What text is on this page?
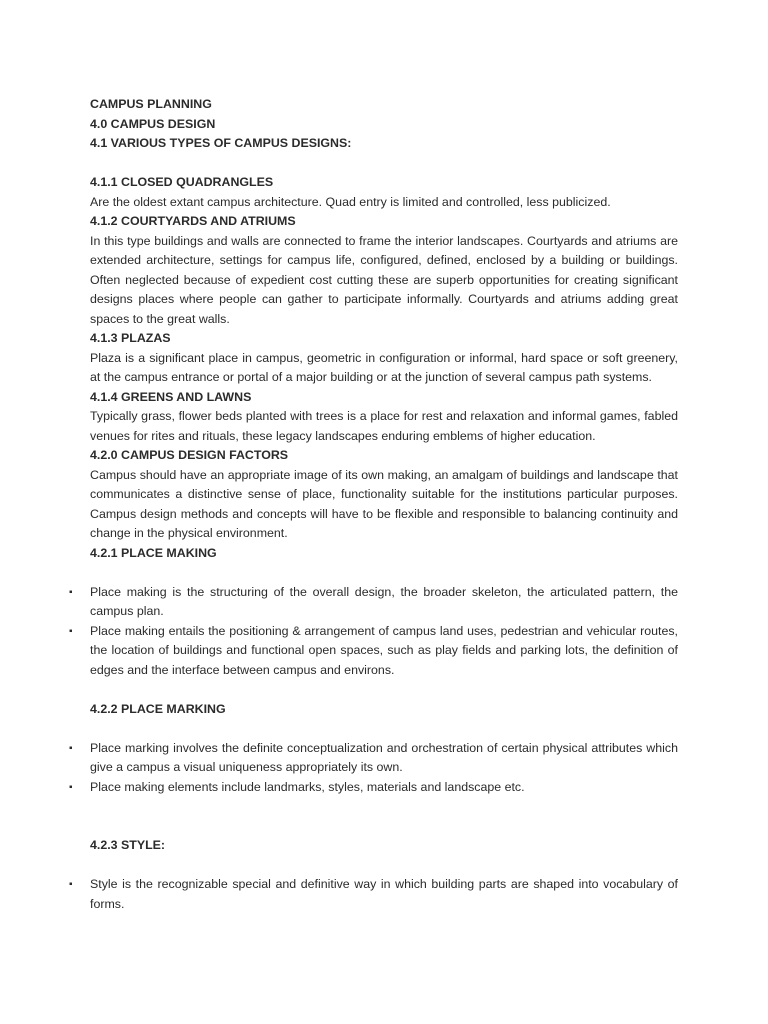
CAMPUS PLANNING
4.0 CAMPUS DESIGN
4.1 VARIOUS TYPES OF CAMPUS DESIGNS:
4.1.1 CLOSED QUADRANGLES
Are the oldest extant campus architecture. Quad entry is limited and controlled, less publicized.
4.1.2 COURTYARDS AND ATRIUMS
In this type buildings and walls are connected to frame the interior landscapes. Courtyards and atriums are extended architecture, settings for campus life, configured, defined, enclosed by a building or buildings. Often neglected because of expedient cost cutting these are superb opportunities for creating significant designs places where people can gather to participate informally. Courtyards and atriums adding great spaces to the great walls.
4.1.3 PLAZAS
Plaza is a significant place in campus, geometric in configuration or informal, hard space or soft greenery, at the campus entrance or portal of a major building or at the junction of several campus path systems.
4.1.4 GREENS AND LAWNS
Typically grass, flower beds planted with trees is a place for rest and relaxation and informal games, fabled venues for rites and rituals, these legacy landscapes enduring emblems of higher education.
4.2.0 CAMPUS DESIGN FACTORS
Campus should have an appropriate image of its own making, an amalgam of buildings and landscape that communicates a distinctive sense of place, functionality suitable for the institutions particular purposes. Campus design methods and concepts will have to be flexible and responsible to balancing continuity and change in the physical environment.
4.2.1 PLACE MAKING
▪ Place making is the structuring of the overall design, the broader skeleton, the articulated pattern, the campus plan.
▪ Place making entails the positioning & arrangement of campus land uses, pedestrian and vehicular routes, the location of buildings and functional open spaces, such as play fields and parking lots, the definition of edges and the interface between campus and environs.
4.2.2 PLACE MARKING
▪ Place marking involves the definite conceptualization and orchestration of certain physical attributes which give a campus a visual uniqueness appropriately its own.
▪ Place making elements include landmarks, styles, materials and landscape etc.
4.2.3 STYLE:
▪ Style is the recognizable special and definitive way in which building parts are shaped into vocabulary of forms.
